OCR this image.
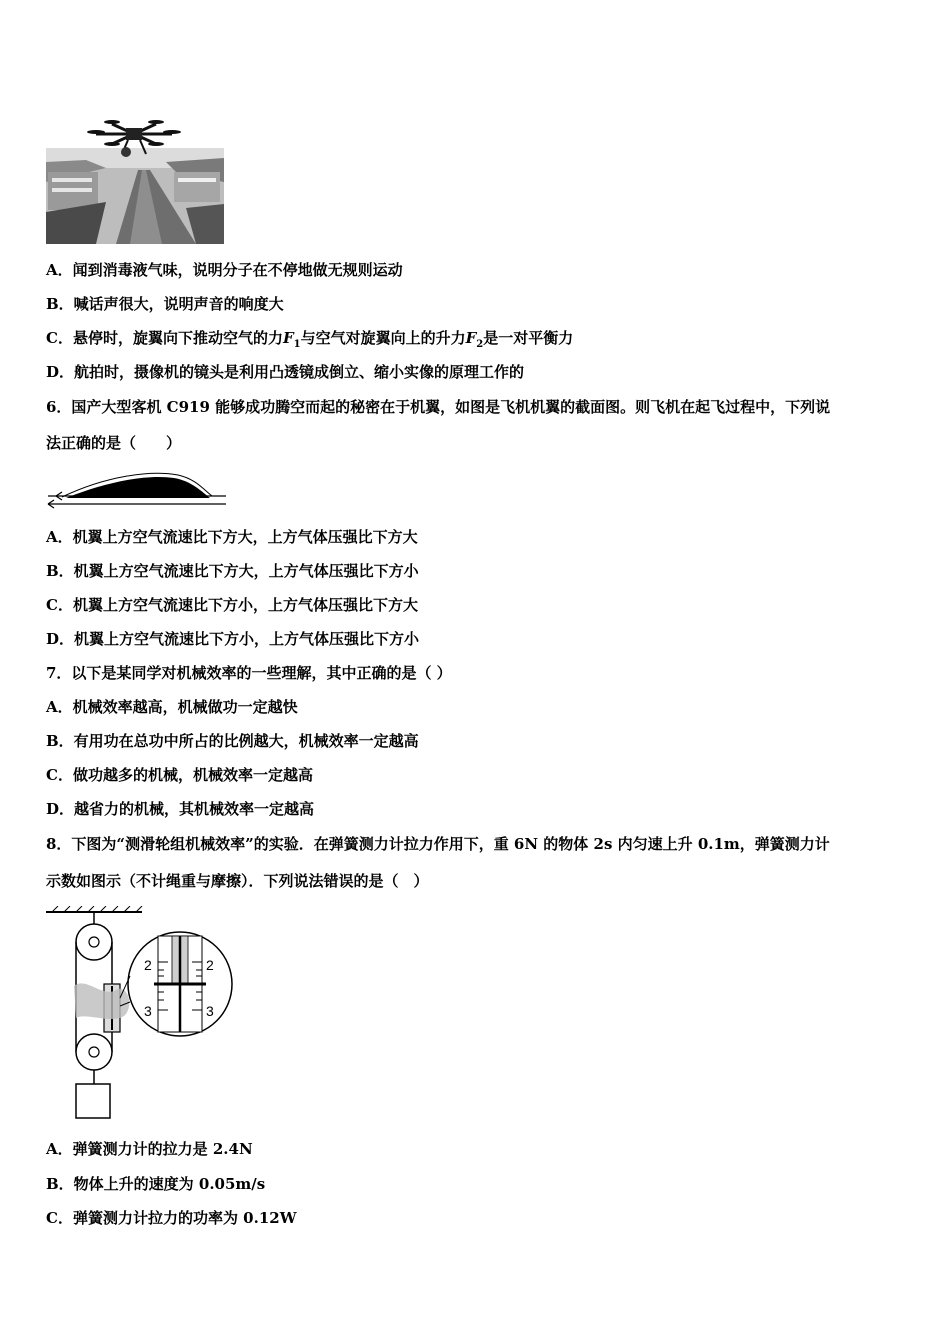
A．闻到消毒液气味，说明分子在不停地做无规则运动
B．喊话声很大，说明声音的响度大
C．悬停时，旋翼向下推动空气的力$F_1$与空气对旋翼向上的升力$F_2$是一对平衡力
D．航拍时，摄像机的镜头是利用凸透镜成倒立、缩小实像的原理工作的
6．国产大型客机 C919 能够成功腾空而起的秘密在于机翼，如图是飞机机翼的截面图。则飞机在起飞过程中，下列说
法正确的是（　　）
A．机翼上方空气流速比下方大，上方气体压强比下方大
B．机翼上方空气流速比下方大，上方气体压强比下方小
C．机翼上方空气流速比下方小，上方气体压强比下方大
D．机翼上方空气流速比下方小，上方气体压强比下方小
7．以下是某同学对机械效率的一些理解，其中正确的是（ ）
A．机械效率越高，机械做功一定越快
B．有用功在总功中所占的比例越大，机械效率一定越高
C．做功越多的机械，机械效率一定越高
D．越省力的机械，其机械效率一定越高
8．下图为“测滑轮组机械效率”的实验．在弹簧测力计拉力作用下，重 6N 的物体 2s 内匀速上升 0.1m，弹簧测力计
示数如图示（不计绳重与摩擦）．下列说法错误的是（　）
2	2
3	3
A．弹簧测力计的拉力是 2.4N
B．物体上升的速度为 0.05m/s
C．弹簧测力计拉力的功率为 0.12W
